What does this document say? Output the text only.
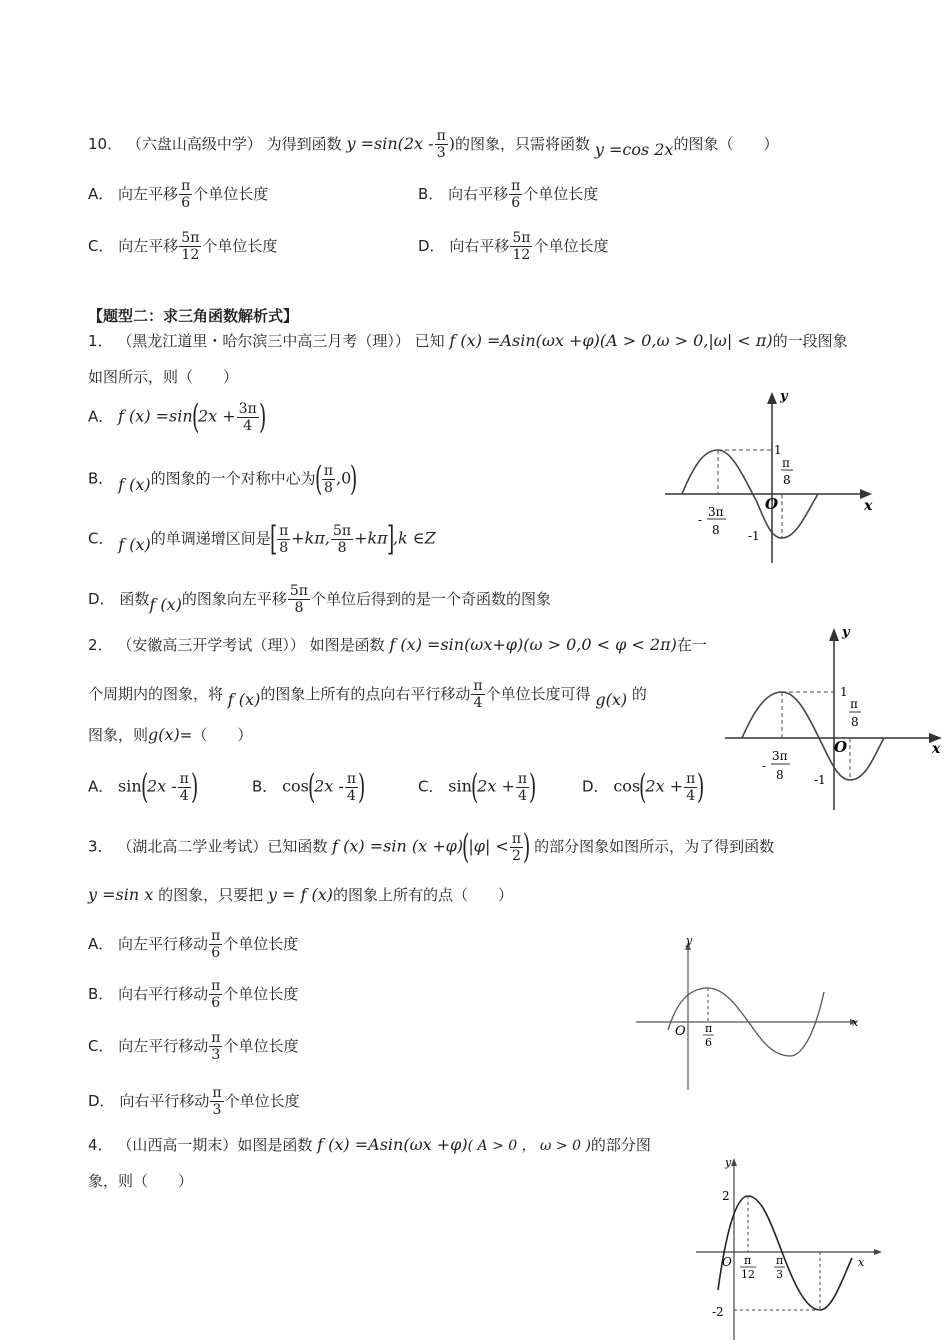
10． （六盘山高级中学） 为得到函数 $y =\sin(2x - \frac{\pi}{3}$ )的图象，只需将函数 y =cos 2x的图象（　　）
A． 向左平移 $\frac{\pi}{6}$ 个单位长度	B． 向右平移 $\frac{\pi}{6}$ 个单位长度
C． 向左平移 $\frac{5\pi}{12}$ 个单位长度	D． 向右平移 $\frac{5\pi}{12}$ 个单位长度
【题型二：求三角函数解析式】
1． （黑龙江道里・哈尔滨三中高三月考（理）） 已知 f (x) =Asin(ωx +φ)(A > 0,ω > 0,|ω| < π)的一段图象
如图所示，则（　　）
A． f $(x) =\sin(2x + \frac{3\pi}{4}$ )
B． f (x)的图象的一个对称中心为( $\frac{\pi}{8} ,0$)
C． f (x)的单调递增区间是[ $\frac{\pi}{8} +k\pi$, $\frac{5\pi}{8} +k\pi],k$ ∈Z
D． 函数f (x)的图象向左平移 $\frac{5\pi}{8}$ 个单位后得到的是一个奇函数的图象
y
x
O
1
-1
-
3π
8
π
8
2． （安徽高三开学考试（理）） 如图是函数 f (x) =sin(ωx+φ)(ω > 0,0 < φ < 2π)在一
个周期内的图象，将 f (x)的图象上所有的点向右平行移动 $\frac{\pi}{4}$ 个单位长度可得 g(x) 的
图象，则g(x)=（　　）
A． $\sin(2x - \frac{\pi}{4}$ )	B． $\cos(2x - \frac{\pi}{4}$ )	C． $\sin(2x + \frac{\pi}{4}$ )	D． $\cos(2x + \frac{\pi}{4}$ )
y
x
O
1
-1
-
3π
8
π
8
3． （湖北高二学业考试）已知函数 f (x) =sin $(x +\varphi)(|\varphi| < \frac{\pi}{2}$ ) 的部分图象如图所示，为了得到函数
y =sin x 的图象，只要把 y = f (x)的图象上所有的点（　　）
A． 向左平行移动 $\frac{\pi}{6}$ 个单位长度
B． 向右平行移动 $\frac{\pi}{6}$ 个单位长度
C． 向左平行移动 $\frac{\pi}{3}$ 个单位长度
D． 向右平行移动 $\frac{\pi}{3}$ 个单位长度
y
x
O π
6
4． （山西高一期末）如图是函数 f (x) =Asin(ωx +φ)( A > 0 ， ω > 0 )的部分图
象，则（　　）
y
x
O
2
-2
π
12
π
3
